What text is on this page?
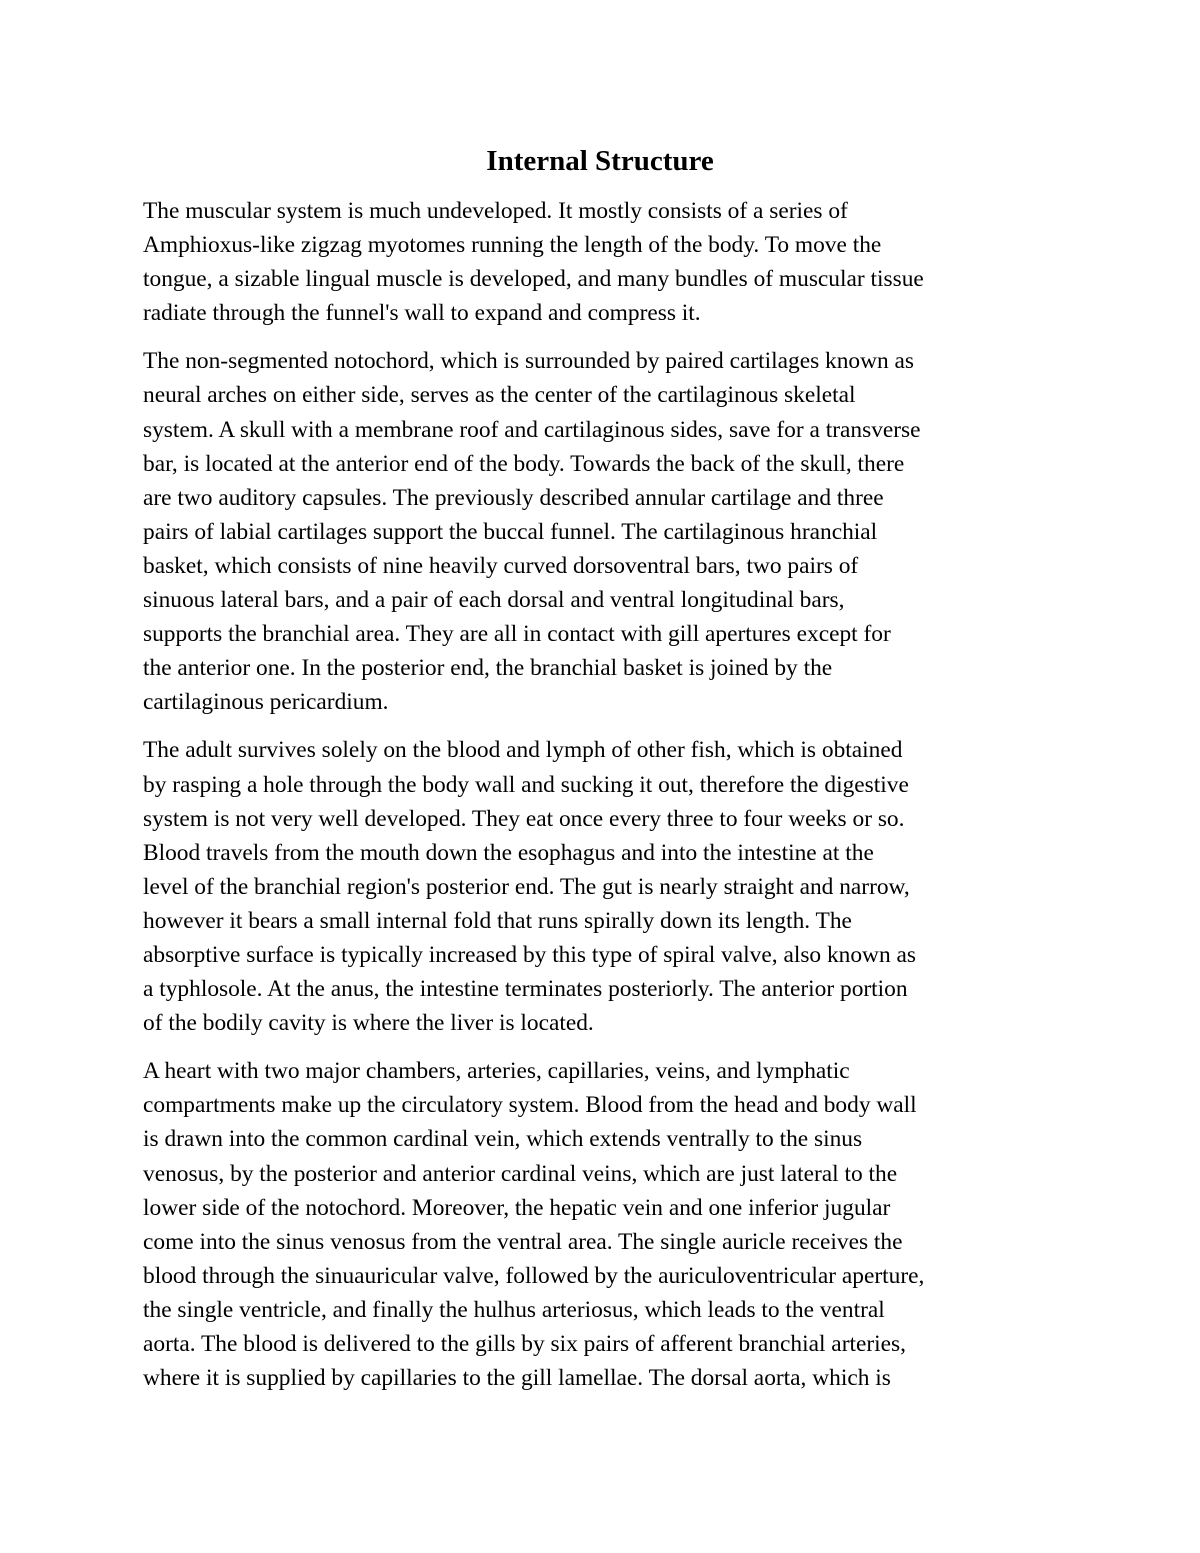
Internal Structure

The muscular system is much undeveloped. It mostly consists of a series of
Amphioxus-like zigzag myotomes running the length of the body. To move the
tongue, a sizable lingual muscle is developed, and many bundles of muscular tissue
radiate through the funnel's wall to expand and compress it.

The non-segmented notochord, which is surrounded by paired cartilages known as
neural arches on either side, serves as the center of the cartilaginous skeletal
system. A skull with a membrane roof and cartilaginous sides, save for a transverse
bar, is located at the anterior end of the body. Towards the back of the skull, there
are two auditory capsules. The previously described annular cartilage and three
pairs of labial cartilages support the buccal funnel. The cartilaginous hranchial
basket, which consists of nine heavily curved dorsoventral bars, two pairs of
sinuous lateral bars, and a pair of each dorsal and ventral longitudinal bars,
supports the branchial area. They are all in contact with gill apertures except for
the anterior one. In the posterior end, the branchial basket is joined by the
cartilaginous pericardium.

The adult survives solely on the blood and lymph of other fish, which is obtained
by rasping a hole through the body wall and sucking it out, therefore the digestive
system is not very well developed. They eat once every three to four weeks or so.
Blood travels from the mouth down the esophagus and into the intestine at the
level of the branchial region's posterior end. The gut is nearly straight and narrow,
however it bears a small internal fold that runs spirally down its length. The
absorptive surface is typically increased by this type of spiral valve, also known as
a typhlosole. At the anus, the intestine terminates posteriorly. The anterior portion
of the bodily cavity is where the liver is located.

A heart with two major chambers, arteries, capillaries, veins, and lymphatic
compartments make up the circulatory system. Blood from the head and body wall
is drawn into the common cardinal vein, which extends ventrally to the sinus
venosus, by the posterior and anterior cardinal veins, which are just lateral to the
lower side of the notochord. Moreover, the hepatic vein and one inferior jugular
come into the sinus venosus from the ventral area. The single auricle receives the
blood through the sinuauricular valve, followed by the auriculoventricular aperture,
the single ventricle, and finally the hulhus arteriosus, which leads to the ventral
aorta. The blood is delivered to the gills by six pairs of afferent branchial arteries,
where it is supplied by capillaries to the gill lamellae. The dorsal aorta, which is
